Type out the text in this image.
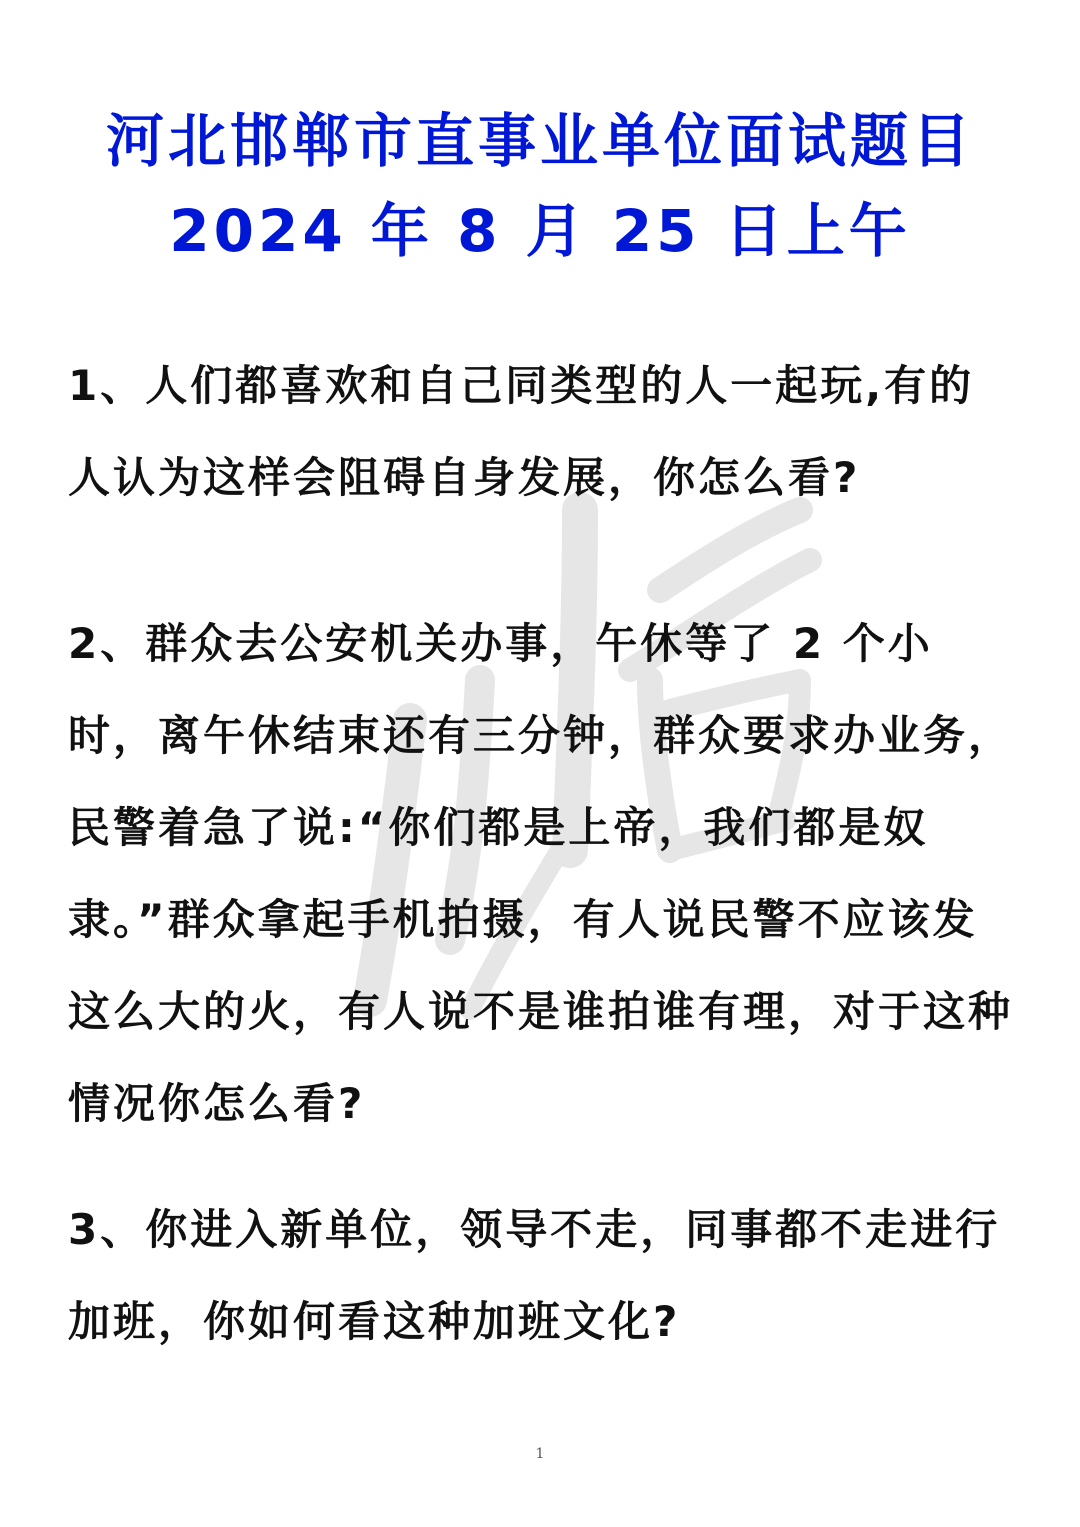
河北邯郸市直事业单位面试题目
2024 年 8 月 25 日上午
1、人们都喜欢和自己同类型的人一起玩,有的人认为这样会阻碍自身发展，你怎么看?
2、群众去公安机关办事，午休等了 2 个小时，离午休结束还有三分钟，群众要求办业务，民警着急了说:“你们都是上帝，我们都是奴隶。”群众拿起手机拍摄，有人说民警不应该发这么大的火，有人说不是谁拍谁有理，对于这种情况你怎么看?
3、你进入新单位，领导不走，同事都不走进行加班，你如何看这种加班文化?
1
